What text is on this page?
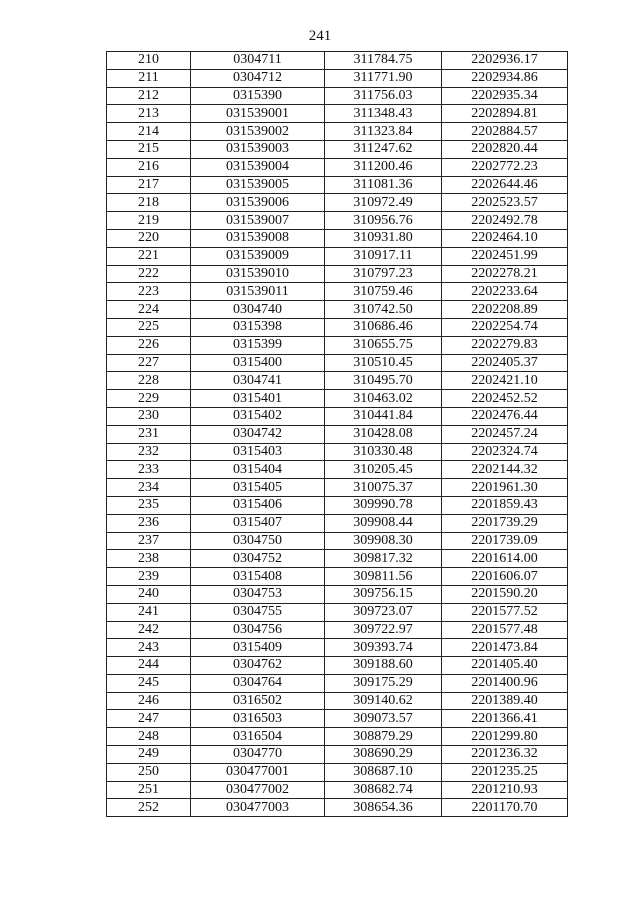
241
210	0304711	311784.75	2202936.17
211	0304712	311771.90	2202934.86
212	0315390	311756.03	2202935.34
213	031539001	311348.43	2202894.81
214	031539002	311323.84	2202884.57
215	031539003	311247.62	2202820.44
216	031539004	311200.46	2202772.23
217	031539005	311081.36	2202644.46
218	031539006	310972.49	2202523.57
219	031539007	310956.76	2202492.78
220	031539008	310931.80	2202464.10
221	031539009	310917.11	2202451.99
222	031539010	310797.23	2202278.21
223	031539011	310759.46	2202233.64
224	0304740	310742.50	2202208.89
225	0315398	310686.46	2202254.74
226	0315399	310655.75	2202279.83
227	0315400	310510.45	2202405.37
228	0304741	310495.70	2202421.10
229	0315401	310463.02	2202452.52
230	0315402	310441.84	2202476.44
231	0304742	310428.08	2202457.24
232	0315403	310330.48	2202324.74
233	0315404	310205.45	2202144.32
234	0315405	310075.37	2201961.30
235	0315406	309990.78	2201859.43
236	0315407	309908.44	2201739.29
237	0304750	309908.30	2201739.09
238	0304752	309817.32	2201614.00
239	0315408	309811.56	2201606.07
240	0304753	309756.15	2201590.20
241	0304755	309723.07	2201577.52
242	0304756	309722.97	2201577.48
243	0315409	309393.74	2201473.84
244	0304762	309188.60	2201405.40
245	0304764	309175.29	2201400.96
246	0316502	309140.62	2201389.40
247	0316503	309073.57	2201366.41
248	0316504	308879.29	2201299.80
249	0304770	308690.29	2201236.32
250	030477001	308687.10	2201235.25
251	030477002	308682.74	2201210.93
252	030477003	308654.36	2201170.70
